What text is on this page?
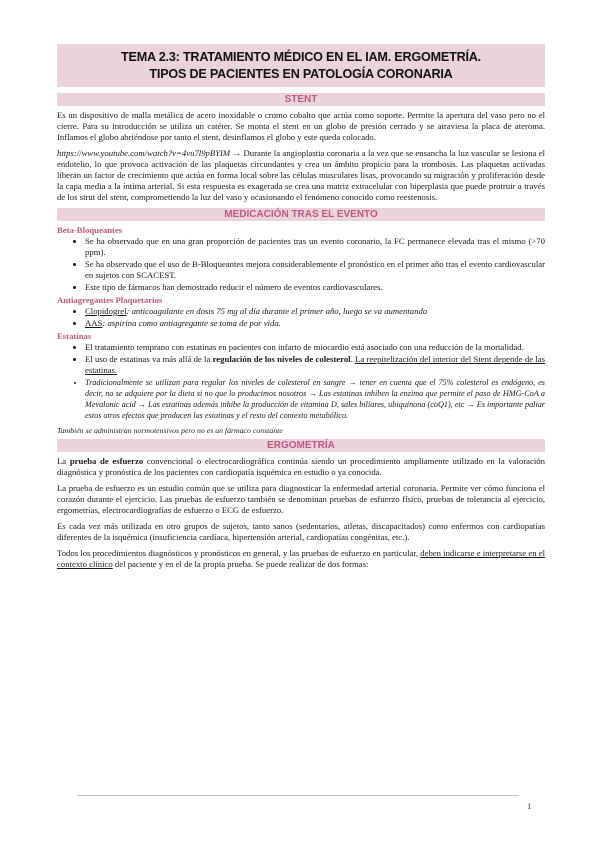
TEMA 2.3: TRATAMIENTO MÉDICO EN EL IAM. ERGOMETRÍA.
TIPOS DE PACIENTES EN PATOLOGÍA CORONARIA
STENT

Es un dispositivo de malla metálica de acero inoxidable o cromo cobalto que actúa como soporte. Permite la apertura del vaso pero no el cierre. Para su introducción se utiliza un catéter. Se monta el stent en un globo de presión cerrado y se atraviesa la placa de ateroma. Inflamos el globo abriéndose por tanto el stent, desinflamos el globo y este queda colocado.

https://www.youtube.com/watch?v=4vu7l9pBYIM → Durante la angioplastia coronaria a la vez que se ensancha la luz vascular se lesiona el endotelio, lo que provoca activación de las plaquetas circundantes y crea un ámbito propicio para la trombosis. Las plaquetas activadas liberan un factor de crecimiento que actúa en forma local sobre las células musculares lisas, provocando su migración y proliferación desde la capa media a la íntima arterial. Si esta respuesta es exagerada se crea una matriz extracelular con hiperplasia que puede protruir a través de los strut del stent, comprometiendo la luz del vaso y ocasionando el fenómeno conocido como reestenosis.

MEDICACIÓN TRAS EL EVENTO
Beta-Bloqueantes
• Se ha observado que en una gran proporción de pacientes tras un evento coronario, la FC permanece elevada tras el mismo (>70 ppm).
• Se ha observado que el uso de B-Bloqueantes mejora considerablemente el pronóstico en el primer año tras el evento cardiovascular en sujetos con SCACEST.
• Este tipo de fármacos han demostrado reducir el número de eventos cardiovasculares.
Antiagregantes Plaquetarios
• Clopidogrel: anticoagulante en dosis 75 mg al día durante el primer año, luego se va aumentando
• AAS: aspirina como antiagregante se toma de por vida.
Estatinas
• El tratamiento temprano con estatinas en pacientes con infarto de miocardio está asociado con una reducción de la mortalidad.
• El uso de estatinas va más allá de la regulación de los niveles de colesterol. La reepitelización del interior del Stent depende de las estatinas.
• Tradicionalmente se utilizan para regular los niveles de colesterol en sangre → tener en cuenta que el 75% colesterol es endógeno, es decir, no se adquiere por la dieta si no que lo producimos nosotros → Las estatinas inhiben la enzima que permite el paso de HMG-CoA a Mevalonic acid → Las estatinas además inhibe la producción de vitamina D, sales biliares, ubiquinona (coQ1), etc → Es importante paliar estos otros efectos que producen las estatinas y el resto del contexto metabólico.
También se administran normotensivos pero no es un fármaco constante
ERGOMETRÍA

La prueba de esfuerzo convencional o electrocardiográfica continúa siendo un procedimiento ampliamente utilizado en la valoración diagnóstica y pronóstica de los pacientes con cardiopatía isquémica en estudio o ya conocida.

La prueba de esfuerzo es un estudio común que se utiliza para diagnosticar la enfermedad arterial coronaria. Permite ver cómo funciona el corazón durante el ejercicio. Las pruebas de esfuerzo también se denominan pruebas de esfuerzo físico, pruebas de tolerancia al ejercicio, ergometrías, electrocardiografías de esfuerzo o ECG de esfuerzo.

Es cada vez más utilizada en otro grupos de sujetos, tanto sanos (sedentarios, atletas, discapacitados) como enfermos con cardiopatías diferentes de la isquémica (insuficiencia cardíaca, hipertensión arterial, cardiopatías congénitas, etc.).

Todos los procedimientos diagnósticos y pronósticos en general, y las pruebas de esfuerzo en particular, deben indicarse e interpretarse en el contexto clínico del paciente y en el de la propia prueba. Se puede realizar de dos formas:

1
